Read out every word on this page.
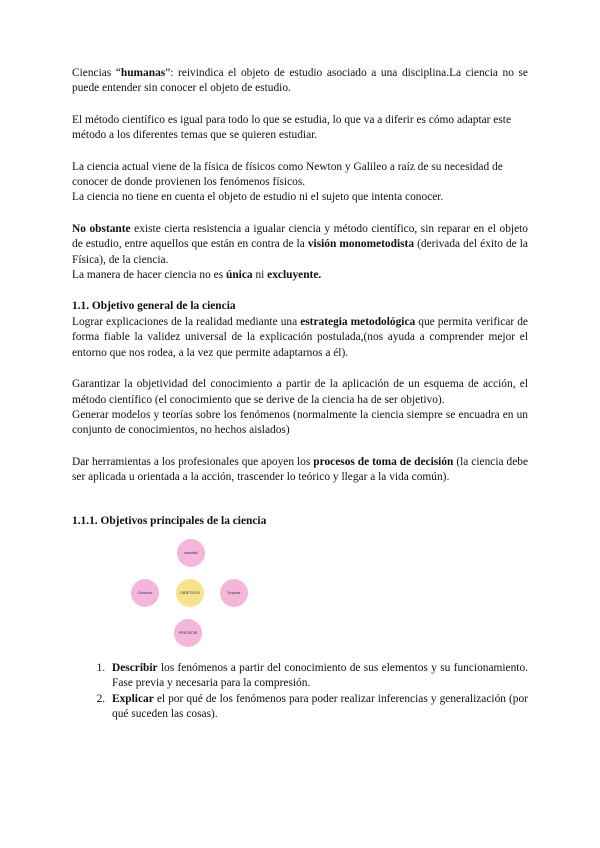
Ciencias “humanas”: reivindica el objeto de estudio asociado a una disciplina.La ciencia no se puede entender sin conocer el objeto de estudio.

El método científico es igual para todo lo que se estudia, lo que va a diferir es cómo adaptar este método a los diferentes temas que se quieren estudiar.

La ciencia actual viene de la física de físicos como Newton y Galileo a raíz de su necesidad de conocer de donde provienen los fenómenos físicos.

La ciencia no tiene en cuenta el objeto de estudio ni el sujeto que intenta conocer.

No obstante existe cierta resistencia a igualar ciencia y método científico, sin reparar en el objeto de estudio, entre aquellos que están en contra de la visión monometodista (derivada del éxito de la Física), de la ciencia.

La manera de hacer ciencia no es única ni excluyente.

1.1. Objetivo general de la ciencia

Lograr explicaciones de la realidad mediante una estrategia metodológica que permita verificar de forma fiable la validez universal de la explicación postulada,(nos ayuda a comprender mejor el entorno que nos rodea, a la vez que permite adaptarnos a él).

Garantizar la objetividad del conocimiento a partir de la aplicación de un esquema de acción, el método científico (el conocimiento que se derive de la ciencia ha de ser objetivo).

Generar modelos y teorías sobre los fenómenos (normalmente la ciencia siempre se encuadra en un conjunto de conocimientos, no hechos aislados)

Dar herramientas a los profesionales que apoyen los procesos de toma de decisión (la ciencia debe ser aplicada u orientada a la acción, trascender lo teórico y llegar a la vida común).

1.1.1. Objetivos principales de la ciencia

describir
Controlar	OBJETIVOS	Explicar
PREDECIR
1. Describir los fenómenos a partir del conocimiento de sus elementos y su funcionamiento. Fase previa y necesaria para la compresión.
2. Explicar el por qué de los fenómenos para poder realizar inferencias y generalización (por qué suceden las cosas).
